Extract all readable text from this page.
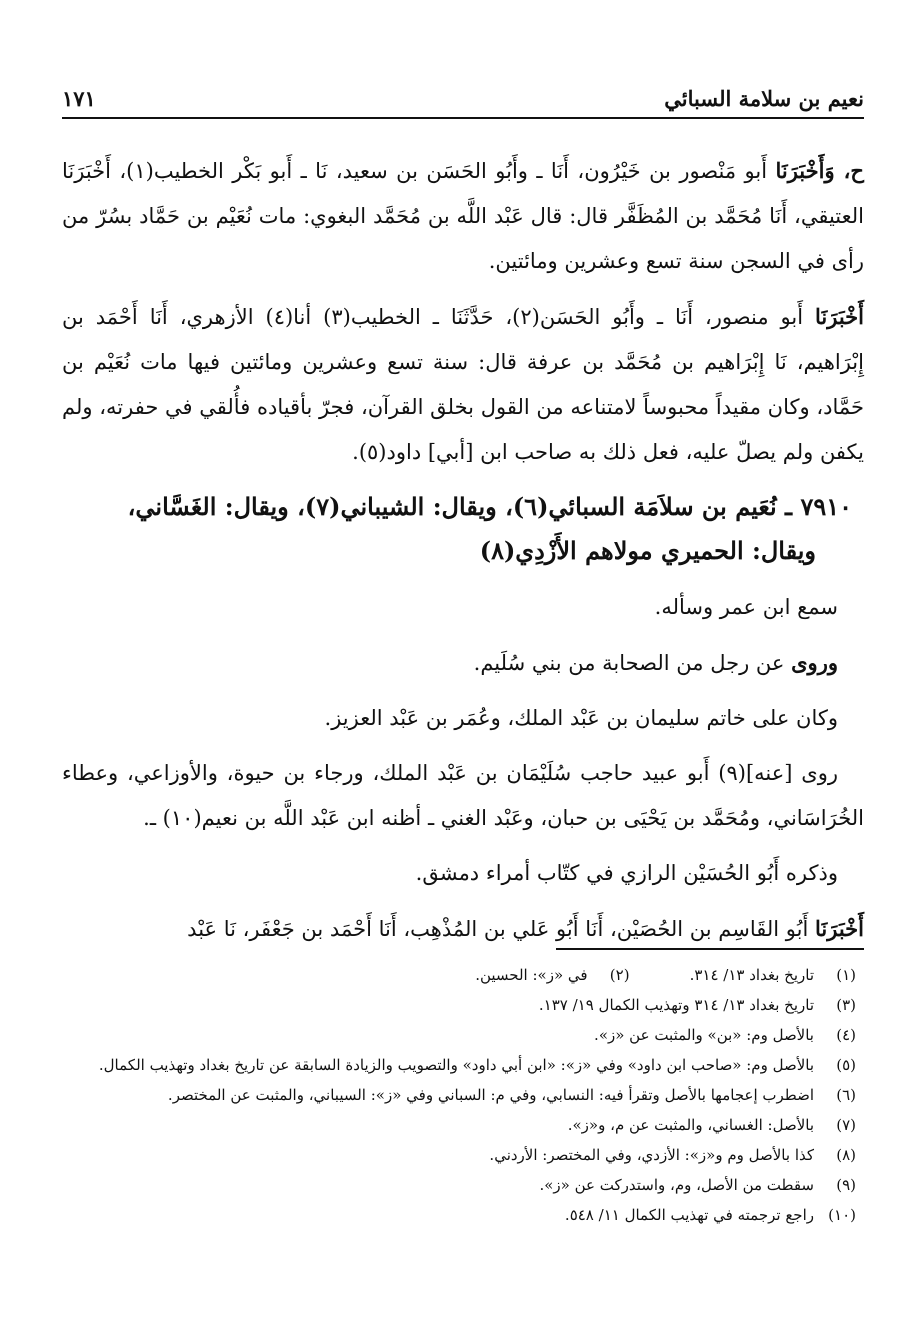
نعيم بن سلامة السبائي
١٧١

ح، وَأَخْبَرَنَا أَبو مَنْصور بن خَيْرُون، أَنَا ـ وأَبُو الحَسَن بن سعيد، نَا ـ أَبو بَكْر الخطيب(١)، أَخْبَرَنَا العتيقي، أَنَا مُحَمَّد بن المُظَفَّر قال: قال عَبْد اللَّه بن مُحَمَّد البغوي: مات نُعَيْم بن حَمَّاد بسُرّ من رأى في السجن سنة تسع وعشرين ومائتين.

أَخْبَرَنَا أَبو منصور، أَنَا ـ وأَبُو الحَسَن(٢)، حَدَّثَنَا ـ الخطيب(٣) أنا(٤) الأزهري، أَنَا أَحْمَد بن إِبْرَاهيم، نَا إِبْرَاهيم بن مُحَمَّد بن عرفة قال: سنة تسع وعشرين ومائتين فيها مات نُعَيْم بن حَمَّاد، وكان مقيداً محبوساً لامتناعه من القول بخلق القرآن، فجرّ بأقياده فأُلقي في حفرته، ولم يكفن ولم يصلّ عليه، فعل ذلك به صاحب ابن [أبي] داود(٥).

٧٩١٠ ـ نُعَيم بن سلاَمَة السبائي(٦)، ويقال: الشيباني(٧)، ويقال: الغَسَّاني،
ويقال: الحميري مولاهم الأَزْدِي(٨)

سمع ابن عمر وسأله.

وروى عن رجل من الصحابة من بني سُلَيم.

وكان على خاتم سليمان بن عَبْد الملك، وعُمَر بن عَبْد العزيز.

روى [عنه](٩) أَبو عبيد حاجب سُلَيْمَان بن عَبْد الملك، ورجاء بن حيوة، والأوزاعي، وعطاء الخُرَاسَاني، ومُحَمَّد بن يَحْيَى بن حبان، وعَبْد الغني ـ أظنه ابن عَبْد اللَّه بن نعيم(١٠) ـ.

وذكره أَبُو الحُسَيْن الرازي في كتّاب أمراء دمشق.

أَخْبَرَنَا أَبُو القَاسِم بن الحُصَيْن، أَنَا أَبُو عَلي بن المُذْهِب، أَنَا أَحْمَد بن جَعْفَر، نَا عَبْد

(١)
تاريخ بغداد ١٣/ ٣١٤.
(٢)
في «ز»: الحسين.
(٣)
تاريخ بغداد ١٣/ ٣١٤ وتهذيب الكمال ١٩/ ١٣٧.
(٤)
بالأصل وم: «بن» والمثبت عن «ز».
(٥)
بالأصل وم: «صاحب ابن داود» وفي «ز»: «ابن أبي داود» والتصويب والزيادة السابقة عن تاريخ بغداد وتهذيب الكمال.
(٦)
اضطرب إعجامها بالأصل وتقرأ فيه: النسابي، وفي م: السباني وفي «ز»: السيباني، والمثبت عن المختصر.
(٧)
بالأصل: الغساني، والمثبت عن م، و«ز».
(٨)
كذا بالأصل وم و«ز»: الأزدي، وفي المختصر: الأردني.
(٩)
سقطت من الأصل، وم، واستدركت عن «ز».
(١٠)
راجع ترجمته في تهذيب الكمال ١١/ ٥٤٨.
